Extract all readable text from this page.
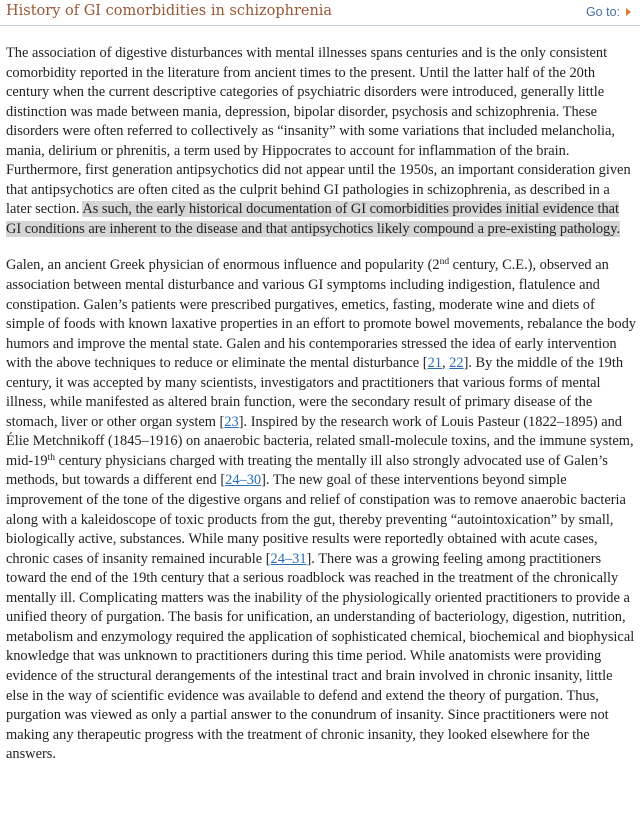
History of GI comorbidities in schizophrenia	Go to:

The association of digestive disturbances with mental illnesses spans centuries and is the only consistent comorbidity reported in the literature from ancient times to the present. Until the latter half of the 20th century when the current descriptive categories of psychiatric disorders were introduced, generally little distinction was made between mania, depression, bipolar disorder, psychosis and schizophrenia. These disorders were often referred to collectively as “insanity” with some variations that included melancholia, mania, delirium or phrenitis, a term used by Hippocrates to account for inflammation of the brain. Furthermore, first generation antipsychotics did not appear until the 1950s, an important consideration given that antipsychotics are often cited as the culprit behind GI pathologies in schizophrenia, as described in a later section. As such, the early historical documentation of GI comorbidities provides initial evidence that GI conditions are inherent to the disease and that antipsychotics likely compound a pre-existing pathology.

Galen, an ancient Greek physician of enormous influence and popularity (2nd century, C.E.), observed an association between mental disturbance and various GI symptoms including indigestion, flatulence and constipation. Galen’s patients were prescribed purgatives, emetics, fasting, moderate wine and diets of simple of foods with known laxative properties in an effort to promote bowel movements, rebalance the body humors and improve the mental state. Galen and his contemporaries stressed the idea of early intervention with the above techniques to reduce or eliminate the mental disturbance [21, 22]. By the middle of the 19th century, it was accepted by many scientists, investigators and practitioners that various forms of mental illness, while manifested as altered brain function, were the secondary result of primary disease of the stomach, liver or other organ system [23]. Inspired by the research work of Louis Pasteur (1822–1895) and Élie Metchnikoff (1845–1916) on anaerobic bacteria, related small-molecule toxins, and the immune system, mid-19th century physicians charged with treating the mentally ill also strongly advocated use of Galen’s methods, but towards a different end [24–30]. The new goal of these interventions beyond simple improvement of the tone of the digestive organs and relief of constipation was to remove anaerobic bacteria along with a kaleidoscope of toxic products from the gut, thereby preventing “autointoxication” by small, biologically active, substances. While many positive results were reportedly obtained with acute cases, chronic cases of insanity remained incurable [24–31]. There was a growing feeling among practitioners toward the end of the 19th century that a serious roadblock was reached in the treatment of the chronically mentally ill. Complicating matters was the inability of the physiologically oriented practitioners to provide a unified theory of purgation. The basis for unification, an understanding of bacteriology, digestion, nutrition, metabolism and enzymology required the application of sophisticated chemical, biochemical and biophysical knowledge that was unknown to practitioners during this time period. While anatomists were providing evidence of the structural derangements of the intestinal tract and brain involved in chronic insanity, little else in the way of scientific evidence was available to defend and extend the theory of purgation. Thus, purgation was viewed as only a partial answer to the conundrum of insanity. Since practitioners were not making any therapeutic progress with the treatment of chronic insanity, they looked elsewhere for the answers.
